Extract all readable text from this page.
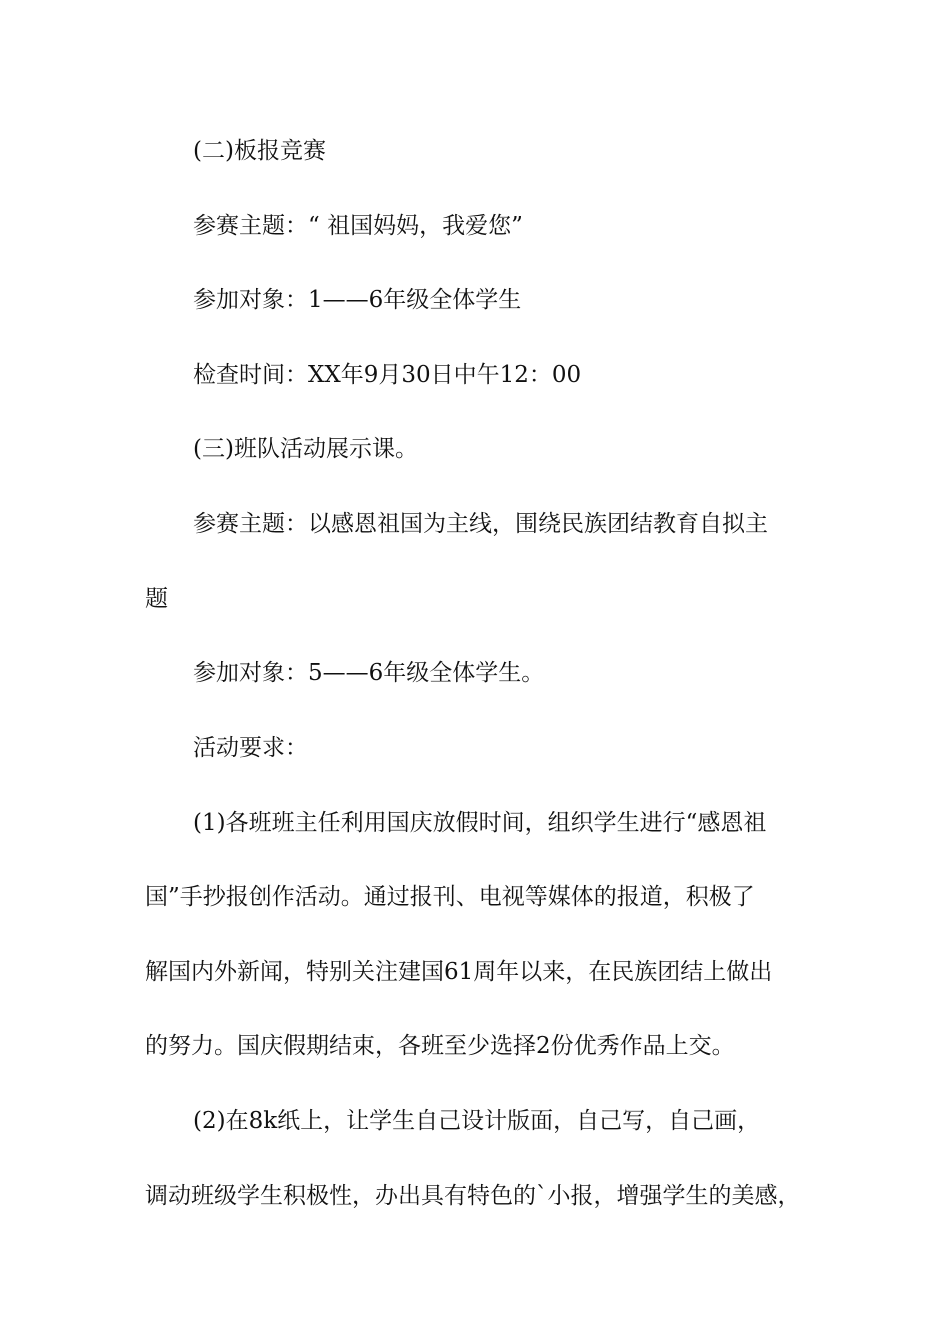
(二)板报竞赛
参赛主题：“ 祖国妈妈，我爱您”
参加对象：1——6年级全体学生
检查时间：XX年9月30日中午12：00
(三)班队活动展示课。
参赛主题：以感恩祖国为主线，围绕民族团结教育自拟主
题
参加对象：5——6年级全体学生。
活动要求：
(1)各班班主任利用国庆放假时间，组织学生进行“感恩祖
国”手抄报创作活动。通过报刊、电视等媒体的报道，积极了
解国内外新闻，特别关注建国61周年以来，在民族团结上做出
的努力。国庆假期结束，各班至少选择2份优秀作品上交。
(2)在8k纸上，让学生自己设计版面，自己写，自己画，
调动班级学生积极性，办出具有特色的`小报，增强学生的美感，
